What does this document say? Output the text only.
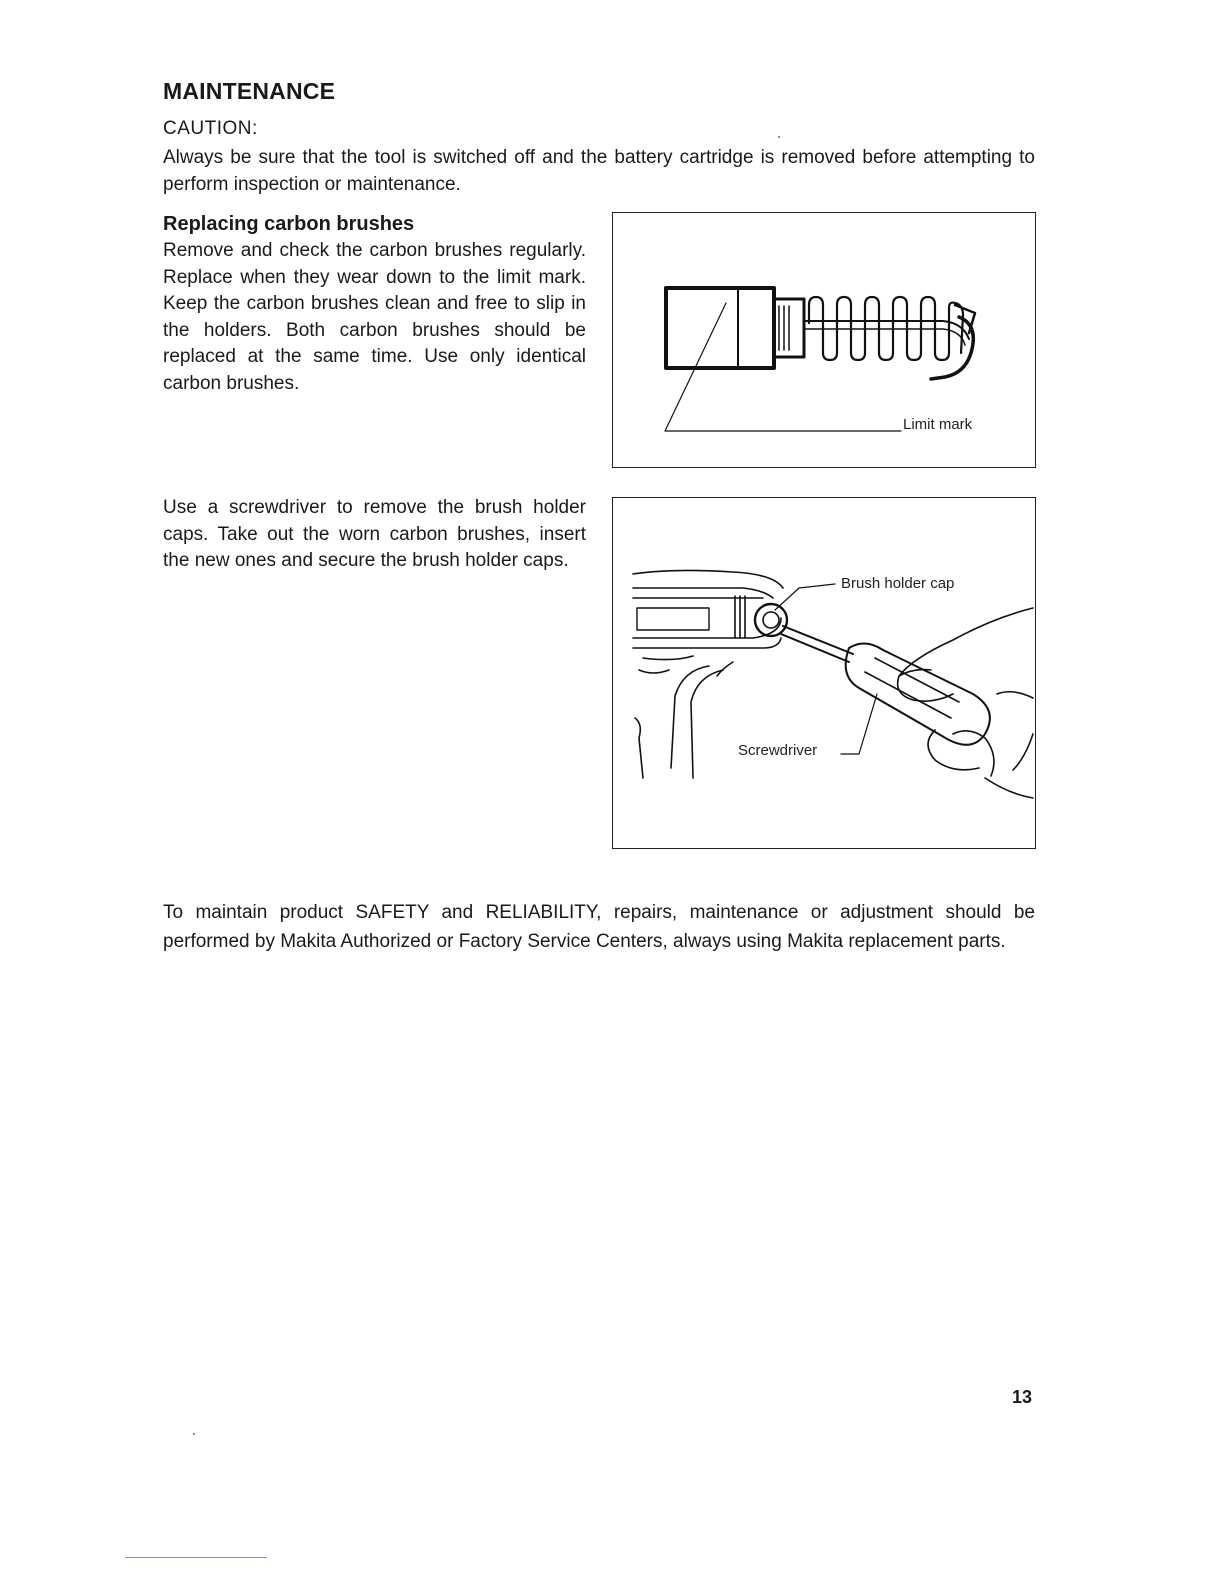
MAINTENANCE
CAUTION:
Always be sure that the tool is switched off and the battery cartridge is removed before attempting to perform inspection or maintenance.
Replacing carbon brushes
Remove and check the carbon brushes regularly. Replace when they wear down to the limit mark. Keep the carbon brushes clean and free to slip in the holders. Both carbon brushes should be replaced at the same time. Use only identical carbon brushes.
Use a screwdriver to remove the brush holder caps. Take out the worn carbon brushes, insert the new ones and secure the brush holder caps.
Limit mark
Brush holder cap
Screwdriver
To maintain product SAFETY and RELIABILITY, repairs, maintenance or adjustment should be performed by Makita Authorized or Factory Service Centers, always using Makita replacement parts.
13
